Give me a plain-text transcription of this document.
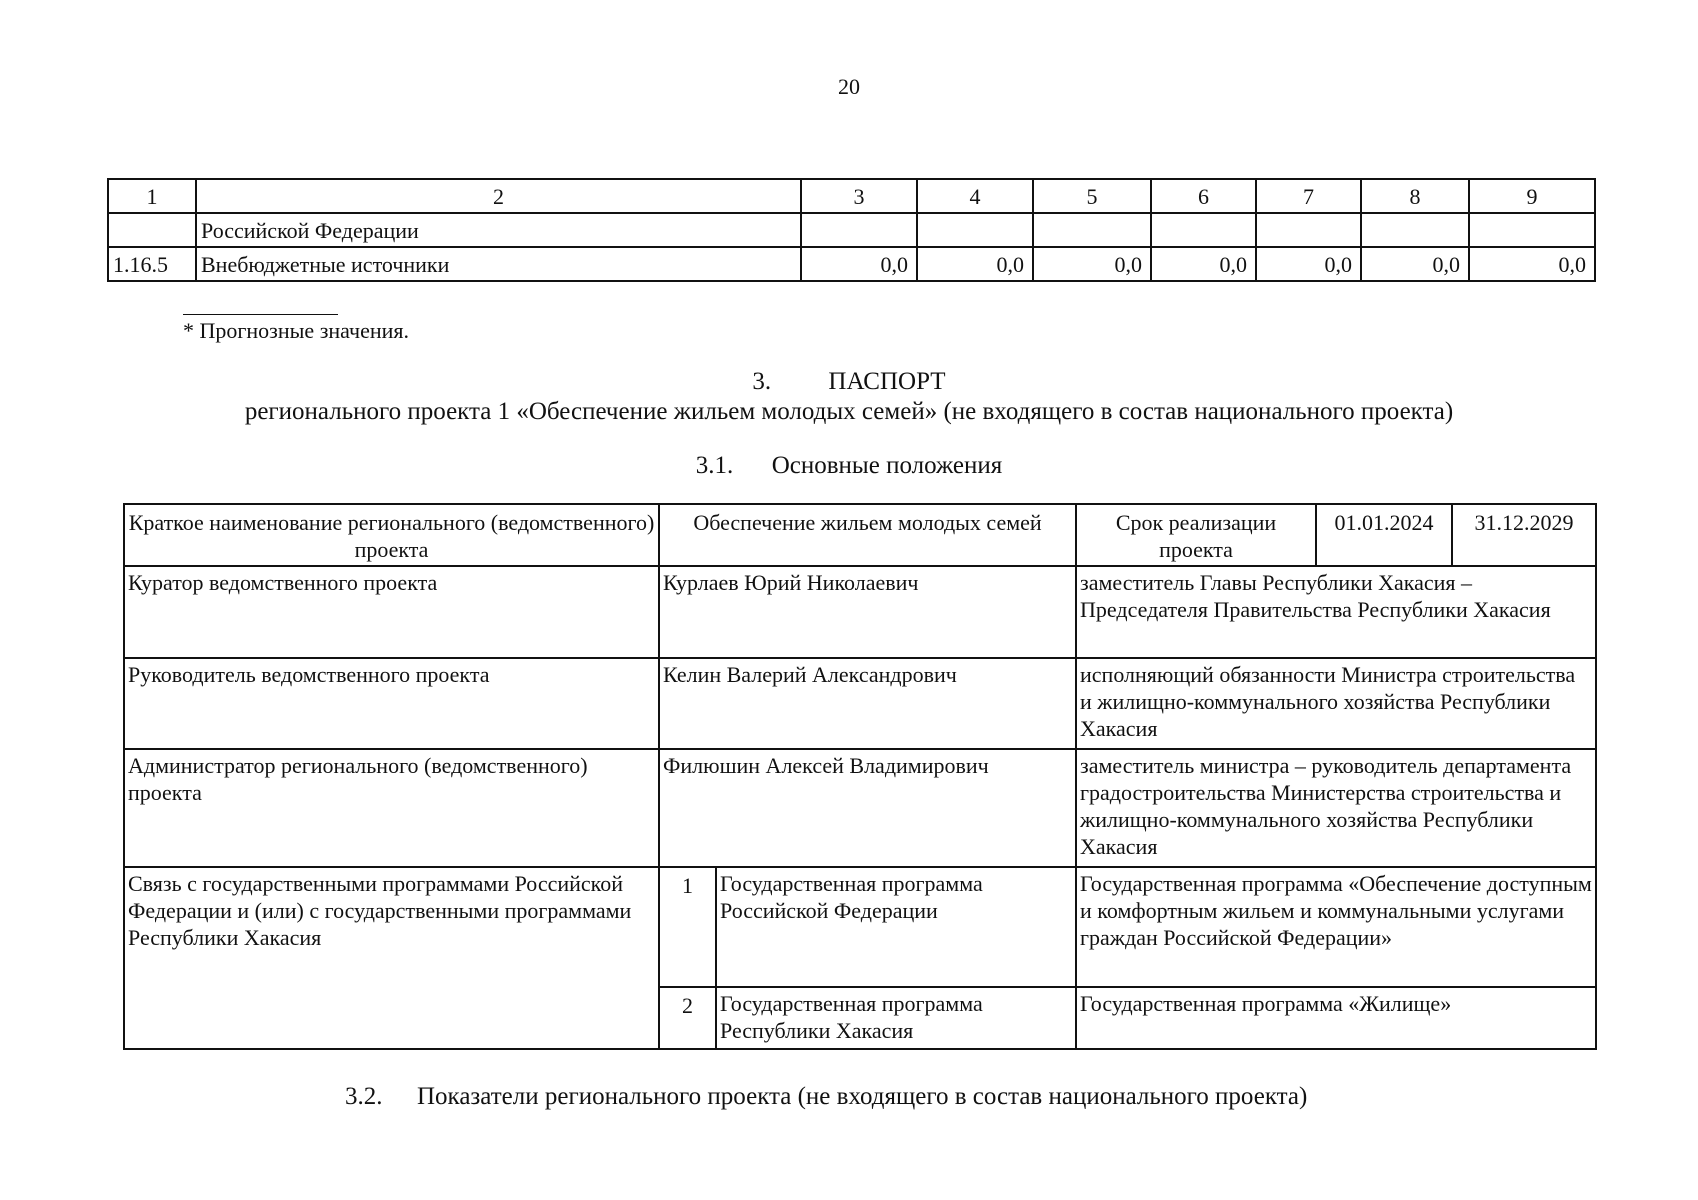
20
1	2	3	4	5	6	7	8	9
	Российской Федерации							
1.16.5	Внебюджетные источники	0,0	0,0	0,0	0,0	0,0	0,0	0,0
* Прогнозные значения.
3. ПАСПОРТ
регионального проекта 1 «Обеспечение жильем молодых семей» (не входящего в состав национального проекта)
3.1. Основные положения
Краткое наименование регионального (ведомственного) проекта	Обеспечение жильем молодых семей		Срок реализации проекта	01.01.2024	31.12.2029
Куратор ведомственного проекта	Курлаев Юрий Николаевич		заместитель Главы Республики Хакасия – Председателя Правительства Республики Хакасия		
Руководитель ведомственного проекта	Келин Валерий Александрович		исполняющий обязанности Министра строительства и жилищно-коммунального хозяйства Республики Хакасия		
Администратор регионального (ведомственного) проекта	Филюшин Алексей Владимирович		заместитель министра – руководитель департамента градостроительства Министерства строительства и жилищно-коммунального хозяйства Республики Хакасия		
Связь с государственными программами Российской Федерации и (или) с государственными программами Республики Хакасия	1	Государственная программа Российской Федерации	Государственная программа «Обеспечение доступным и комфортным жильем и коммунальными услугами граждан Российской Федерации»		
	2	Государственная программа Республики Хакасия	Государственная программа «Жилище»		
3.2. Показатели регионального проекта (не входящего в состав национального проекта)
